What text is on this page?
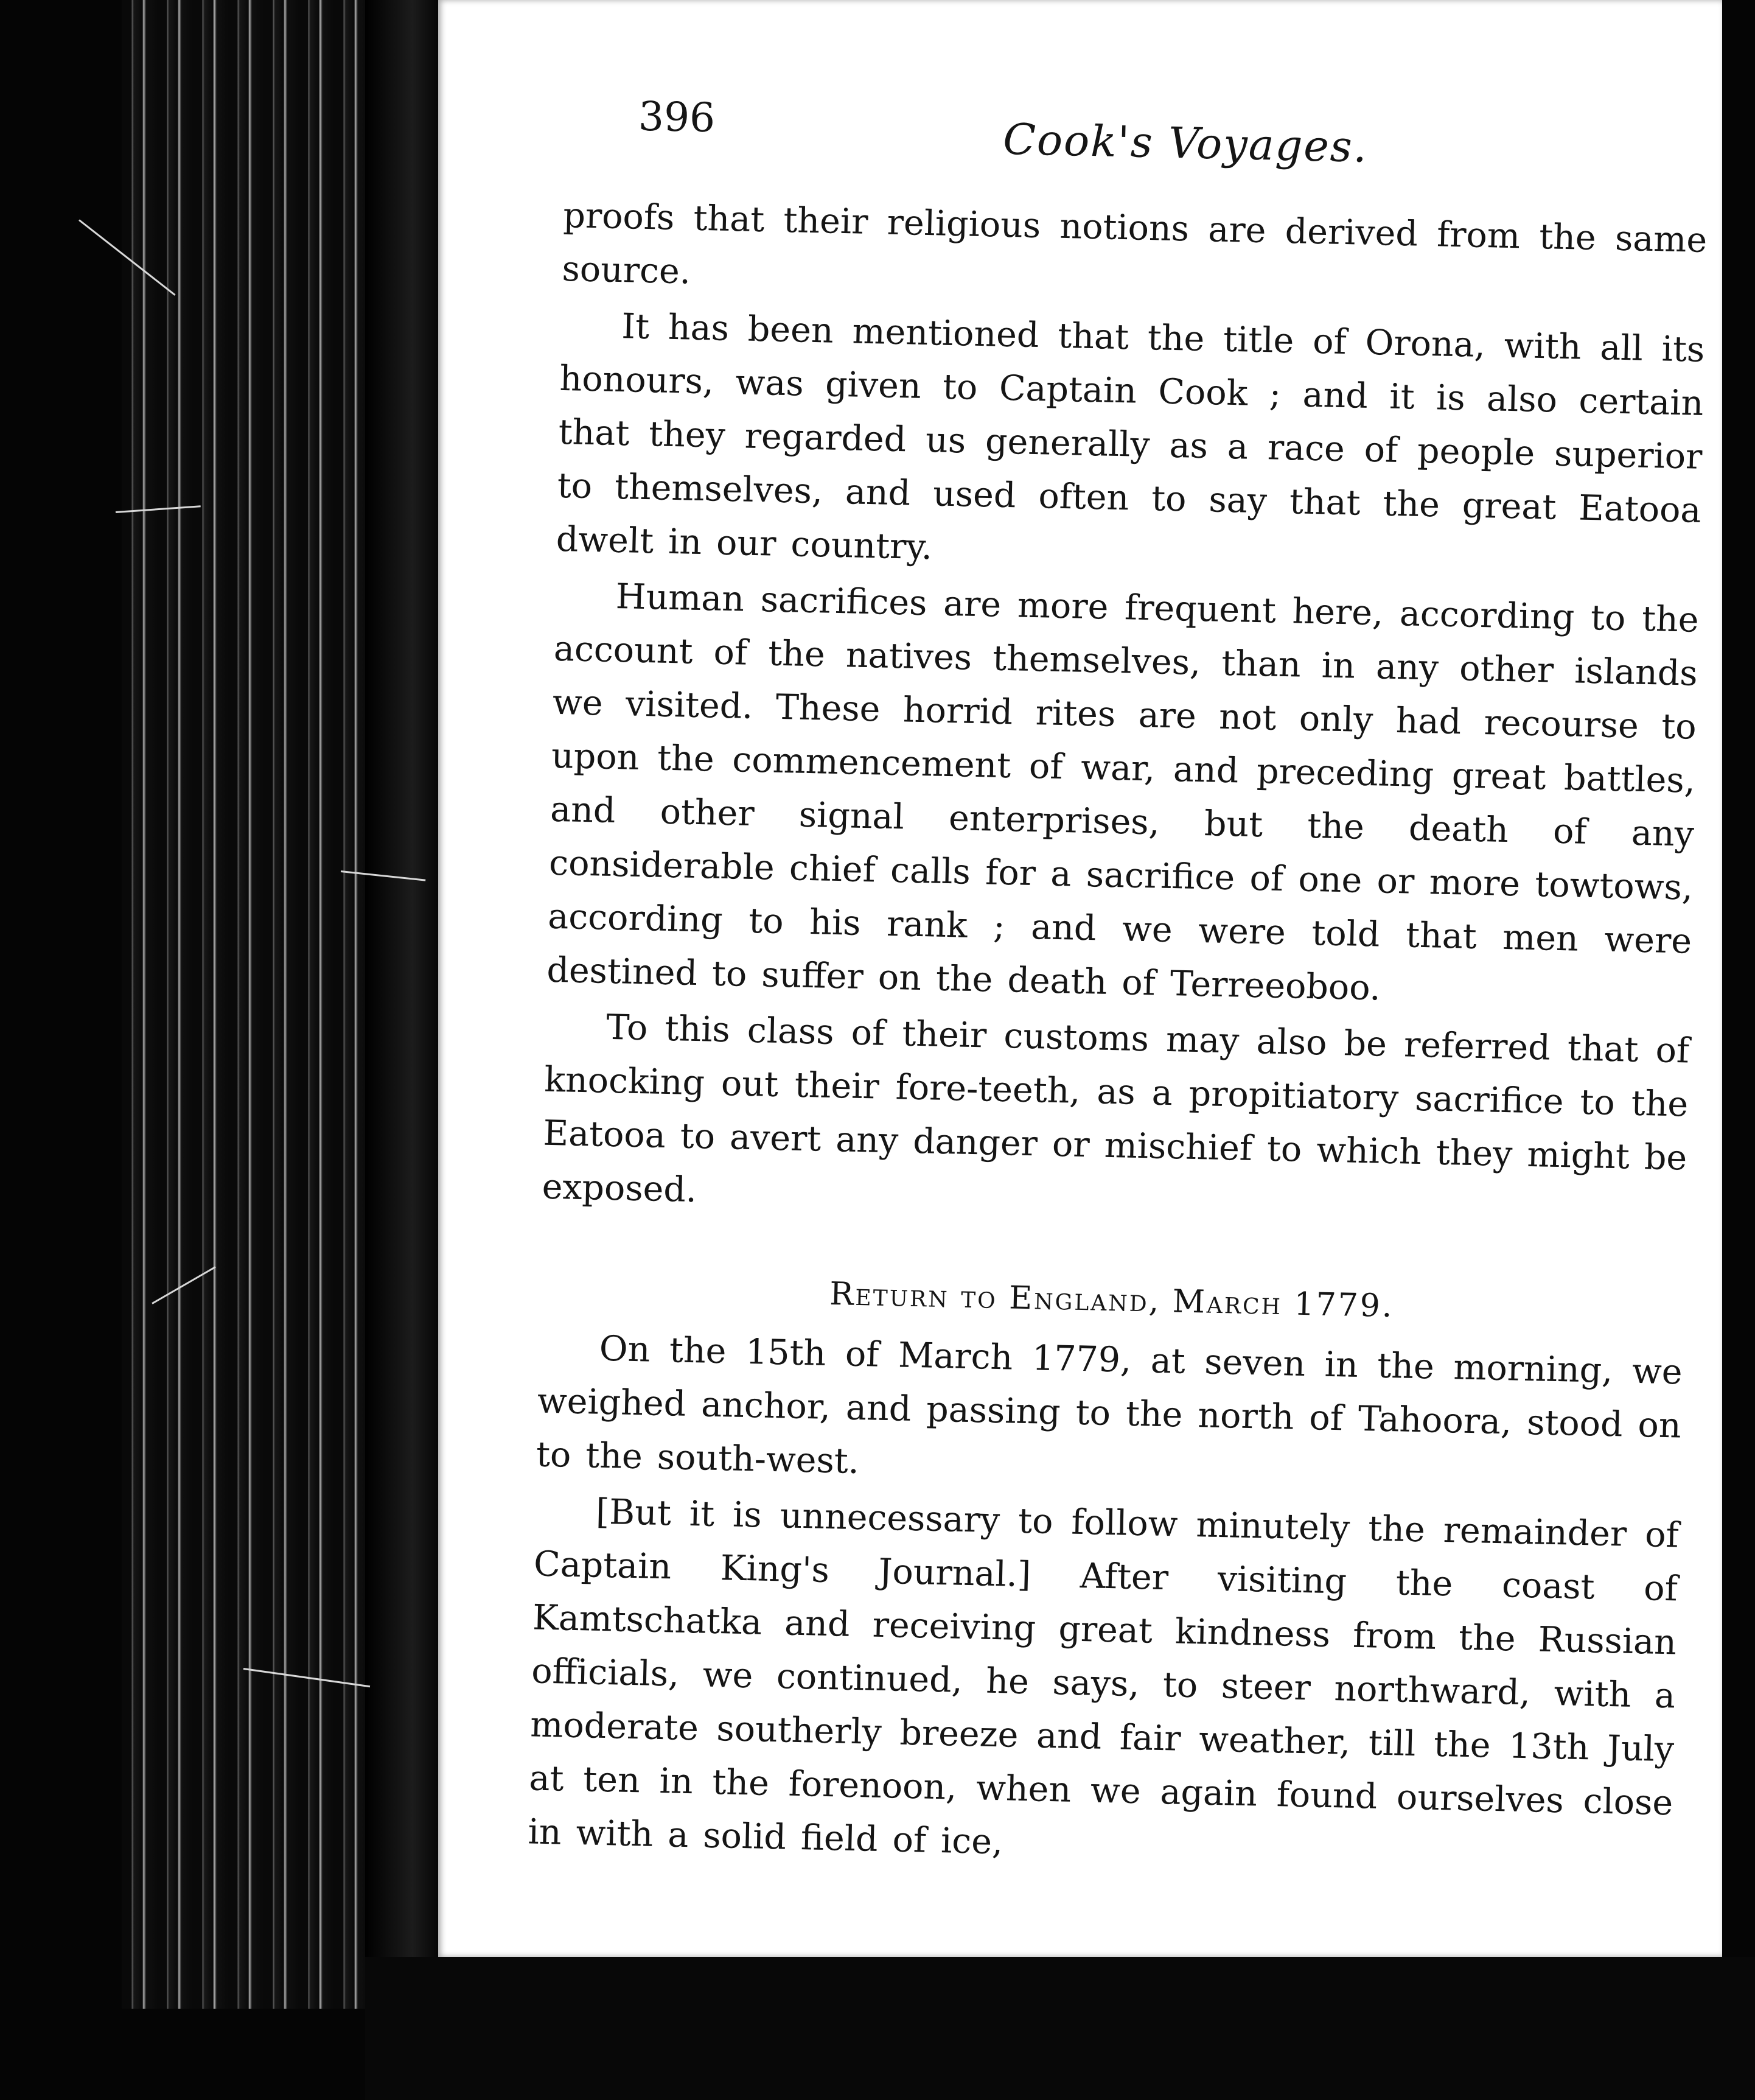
396	Cook's Voyages.

proofs that their religious notions are derived from the same source.

It has been mentioned that the title of Orona, with all its honours, was given to Captain Cook ; and it is also certain that they regarded us generally as a race of people superior to themselves, and used often to say that the great Eatooa dwelt in our country.

Human sacrifices are more frequent here, according to the account of the natives themselves, than in any other islands we visited. These horrid rites are not only had recourse to upon the commencement of war, and preceding great battles, and other signal enterprises, but the death of any considerable chief calls for a sacrifice of one or more towtows, according to his rank ; and we were told that men were destined to suffer on the death of Terreeoboo.

To this class of their customs may also be referred that of knocking out their fore-teeth, as a propitiatory sacrifice to the Eatooa to avert any danger or mischief to which they might be exposed.

Return to England, March 1779.

On the 15th of March 1779, at seven in the morning, we weighed anchor, and passing to the north of Tahoora, stood on to the south-west.

[But it is unnecessary to follow minutely the remainder of Captain King's Journal.] After visiting the coast of Kamtschatka and receiving great kindness from the Russian officials, we continued, he says, to steer northward, with a moderate southerly breeze and fair weather, till the 13th July at ten in the forenoon, when we again found ourselves close in with a solid field of ice,
